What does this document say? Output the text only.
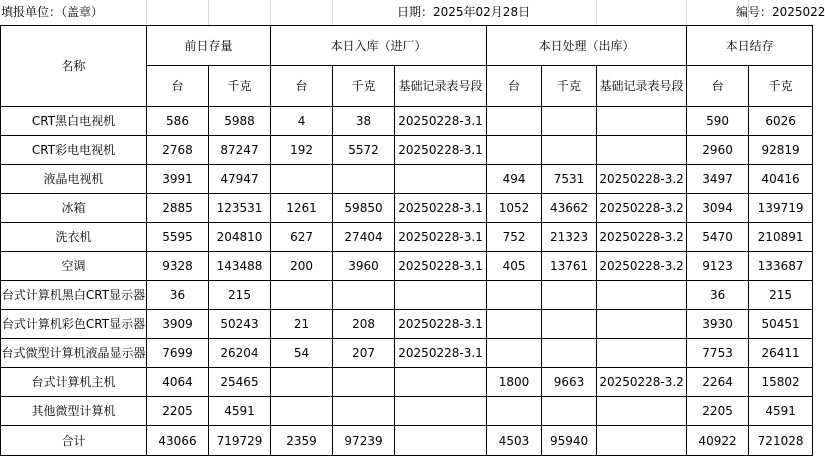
填报单位：（盖章）	日期：2025年02月28日	编号：2025022
名称	前日存量		本日入库（进厂）			本日处理（出库）			本日结存	
	台	千克	台	千克	基础记录表号段	台	千克	基础记录表号段	台	千克
CRT黑白电视机	586	5988	4	38	20250228-3.1				590	6026
CRT彩电电视机	2768	87247	192	5572	20250228-3.1				2960	92819
液晶电视机	3991	47947				494	7531	20250228-3.2	3497	40416
冰箱	2885	123531	1261	59850	20250228-3.1	1052	43662	20250228-3.2	3094	139719
洗衣机	5595	204810	627	27404	20250228-3.1	752	21323	20250228-3.2	5470	210891
空调	9328	143488	200	3960	20250228-3.1	405	13761	20250228-3.2	9123	133687
台式计算机黑白CRT显示器	36	215							36	215
台式计算机彩色CRT显示器	3909	50243	21	208	20250228-3.1				3930	50451
台式微型计算机液晶显示器	7699	26204	54	207	20250228-3.1				7753	26411
台式计算机主机	4064	25465				1800	9663	20250228-3.2	2264	15802
其他微型计算机	2205	4591							2205	4591
合计	43066	719729	2359	97239		4503	95940		40922	721028
